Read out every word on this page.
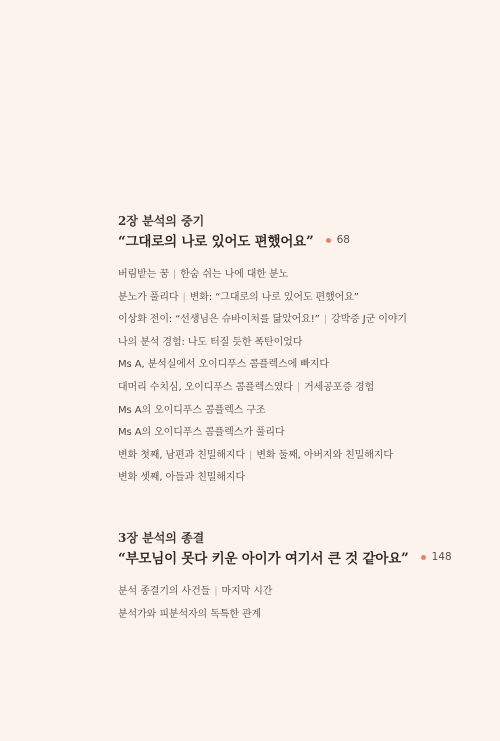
2장 분석의 중기
“그대로의 나로 있어도 편했어요” 68
버림받는 꿈 | 한숨 쉬는 나에 대한 분노
분노가 풀리다 | 변화: “그대로의 나로 있어도 편했어요”
이상화 전이: “선생님은 슈바이처를 닮았어요!” | 강박증 J군 이야기
나의 분석 경험: 나도 터질 듯한 폭탄이었다
Ms A, 분석실에서 오이디푸스 콤플렉스에 빠지다
대머리 수치심, 오이디푸스 콤플렉스였다 | 거세공포증 경험
Ms A의 오이디푸스 콤플렉스 구조
Ms A의 오이디푸스 콤플렉스가 풀리다
변화 첫째, 남편과 친밀해지다 | 변화 둘째, 아버지와 친밀해지다
변화 셋째, 아들과 친밀해지다
3장 분석의 종결
“부모님이 못다 키운 아이가 여기서 큰 것 같아요” 148
분석 종결기의 사건들 | 마지막 시간
분석가와 피분석자의 독특한 관계
